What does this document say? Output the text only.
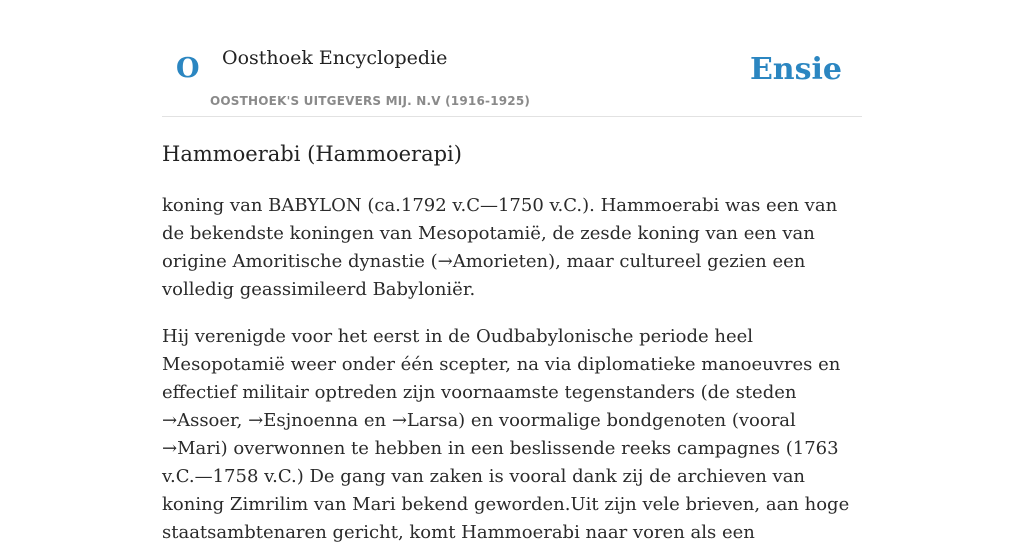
O Oosthoek Encyclopedie
OOSTHOEK'S UITGEVERS MIJ. N.V (1916-1925)
Ensie
Hammoerabi (Hammoerapi)

koning van BABYLON (ca.1792 v.C—1750 v.C.). Hammoerabi was een van de bekendste koningen van Mesopotamië, de zesde koning van een van origine Amoritische dynastie (→Amorieten), maar cultureel gezien een volledig geassimileerd Babyloniër.

Hij verenigde voor het eerst in de Oudbabylonische periode heel Mesopotamië weer onder één scepter, na via diplomatieke manoeuvres en effectief militair optreden zijn voornaamste tegenstanders (de steden →Assoer, →Esjnoenna en →Larsa) en voormalige bondgenoten (vooral →Mari) overwonnen te hebben in een beslissende reeks campagnes (1763 v.C.—1758 v.C.) De gang van zaken is vooral dank zij de archieven van koning Zimrilim van Mari bekend geworden.Uit zijn vele brieven, aan hoge staatsambtenaren gericht, komt Hammoerabi naar voren als een
